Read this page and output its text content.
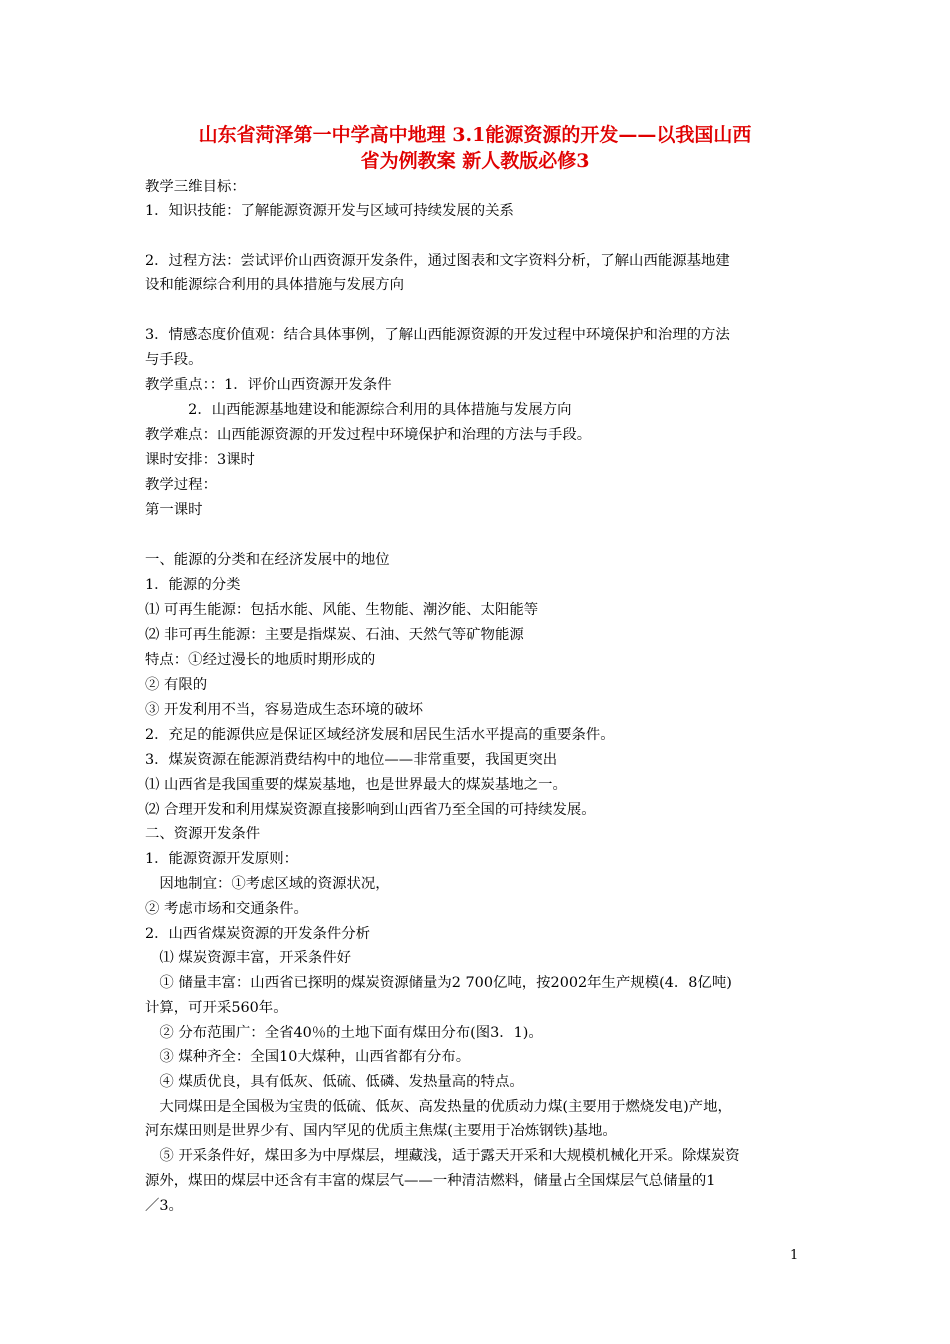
山东省菏泽第一中学高中地理 3.1能源资源的开发——以我国山西
省为例教案 新人教版必修3
教学三维目标：
1．知识技能：了解能源资源开发与区域可持续发展的关系
2．过程方法：尝试评价山西资源开发条件，通过图表和文字资料分析，了解山西能源基地建
设和能源综合利用的具体措施与发展方向
3．情感态度价值观：结合具体事例，了解山西能源资源的开发过程中环境保护和治理的方法
与手段。
教学重点：：1．评价山西资源开发条件
　　　2．山西能源基地建设和能源综合利用的具体措施与发展方向
教学难点：山西能源资源的开发过程中环境保护和治理的方法与手段。
课时安排：3课时
教学过程：
第一课时
一、能源的分类和在经济发展中的地位
1．能源的分类
⑴ 可再生能源：包括水能、风能、生物能、潮汐能、太阳能等
⑵ 非可再生能源：主要是指煤炭、石油、天然气等矿物能源
特点：①经过漫长的地质时期形成的
② 有限的
③ 开发利用不当，容易造成生态环境的破坏
2．充足的能源供应是保证区域经济发展和居民生活水平提高的重要条件。
3．煤炭资源在能源消费结构中的地位——非常重要，我国更突出
⑴ 山西省是我国重要的煤炭基地，也是世界最大的煤炭基地之一。
⑵ 合理开发和利用煤炭资源直接影响到山西省乃至全国的可持续发展。
二、资源开发条件
1．能源资源开发原则：
　因地制宜：①考虑区域的资源状况，
② 考虑市场和交通条件。
2．山西省煤炭资源的开发条件分析
　⑴ 煤炭资源丰富，开采条件好
　① 储量丰富：山西省已探明的煤炭资源储量为2 700亿吨，按2002年生产规模(4．8亿吨)
计算，可开采560年。
　② 分布范围广：全省40％的土地下面有煤田分布(图3．1)。
　③ 煤种齐全：全国10大煤种，山西省都有分布。
　④ 煤质优良，具有低灰、低硫、低磷、发热量高的特点。
　大同煤田是全国极为宝贵的低硫、低灰、高发热量的优质动力煤(主要用于燃烧发电)产地，
河东煤田则是世界少有、国内罕见的优质主焦煤(主要用于冶炼钢铁)基地。
　⑤ 开采条件好，煤田多为中厚煤层，埋藏浅，适于露天开采和大规模机械化开采。除煤炭资
源外，煤田的煤层中还含有丰富的煤层气——一种清洁燃料，储量占全国煤层气总储量的1
／3。
1
